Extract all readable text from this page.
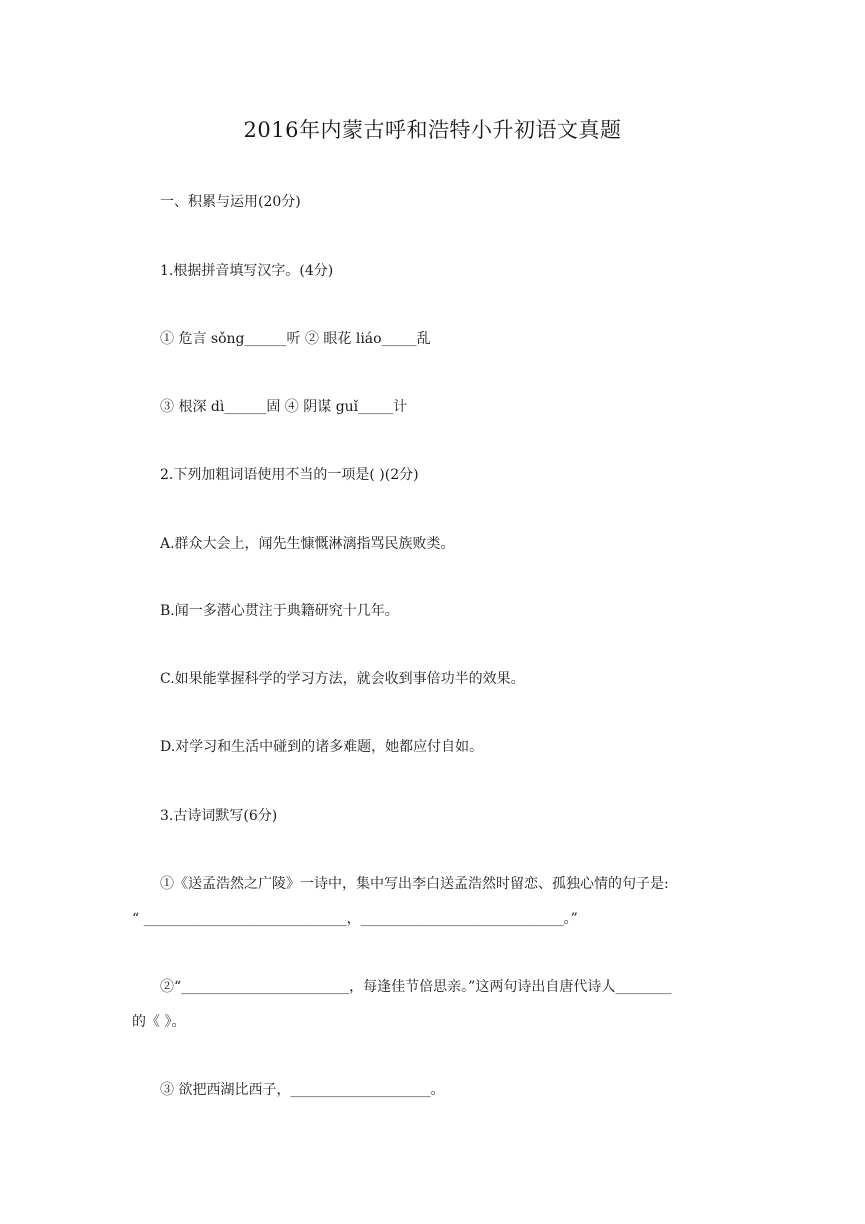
2016年内蒙古呼和浩特小升初语文真题
一、积累与运用(20分)
1.根据拼音填写汉字。(4分)
① 危言 sǒng______听 ② 眼花 liáo_____乱
③ 根深 dì______固 ④ 阴谋 guǐ_____计
2.下列加粗词语使用不当的一项是( )(2分)
A.群众大会上，闻先生慷慨淋漓指骂民族败类。
B.闻一多潜心贯注于典籍研究十几年。
C.如果能掌握科学的学习方法，就会收到事倍功半的效果。
D.对学习和生活中碰到的诸多难题，她都应付自如。
3.古诗词默写(6分)
①《送孟浩然之广陵》一诗中，集中写出李白送孟浩然时留恋、孤独心情的句子是:
“ _____________________________，_____________________________。”
②“________________________，每逢佳节倍思亲。”这两句诗出自唐代诗人________
的《 》。
③ 欲把西湖比西子，____________________。
